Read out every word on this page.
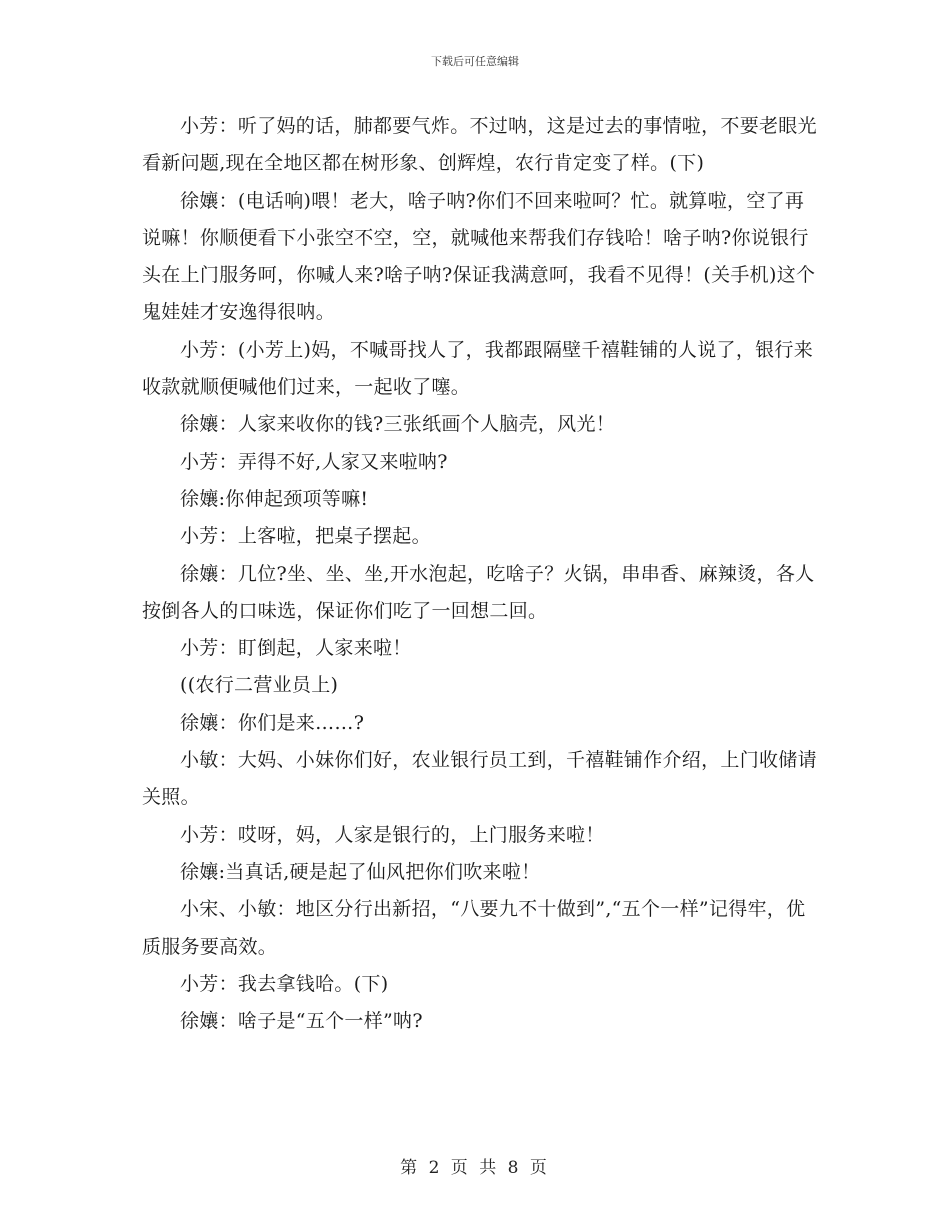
下载后可任意编辑

小芳：听了妈的话，肺都要气炸。不过呐，这是过去的事情啦，不要老眼光看新问题,现在全地区都在树形象、创辉煌，农行肯定变了样。(下)

徐孃：(电话响)喂！老大，啥子呐?你们不回来啦呵？忙。就算啦，空了再说嘛！你顺便看下小张空不空，空，就喊他来帮我们存钱哈！啥子呐?你说银行头在上门服务呵，你喊人来?啥子呐?保证我满意呵，我看不见得！(关手机)这个鬼娃娃才安逸得很呐。

小芳：(小芳上)妈，不喊哥找人了，我都跟隔壁千禧鞋铺的人说了，银行来收款就顺便喊他们过来，一起收了噻。

徐孃：人家来收你的钱?三张纸画个人脑壳，风光！

小芳：弄得不好,人家又来啦呐?

徐孃:你伸起颈项等嘛!

小芳：上客啦，把桌子摆起。

徐孃：几位?坐、坐、坐,开水泡起，吃啥子？火锅，串串香、麻辣烫，各人按倒各人的口味选，保证你们吃了一回想二回。

小芳：盯倒起，人家来啦！

((农行二营业员上)

徐孃：你们是来……?

小敏：大妈、小妹你们好，农业银行员工到，千禧鞋铺作介绍，上门收储请关照。

小芳：哎呀，妈，人家是银行的，上门服务来啦！

徐孃:当真话,硬是起了仙风把你们吹来啦！

小宋、小敏：地区分行出新招，“八要九不十做到”,“五个一样”记得牢，优质服务要高效。

小芳：我去拿钱哈。(下)

徐孃：啥子是“五个一样”呐?

第 2 页 共 8 页
